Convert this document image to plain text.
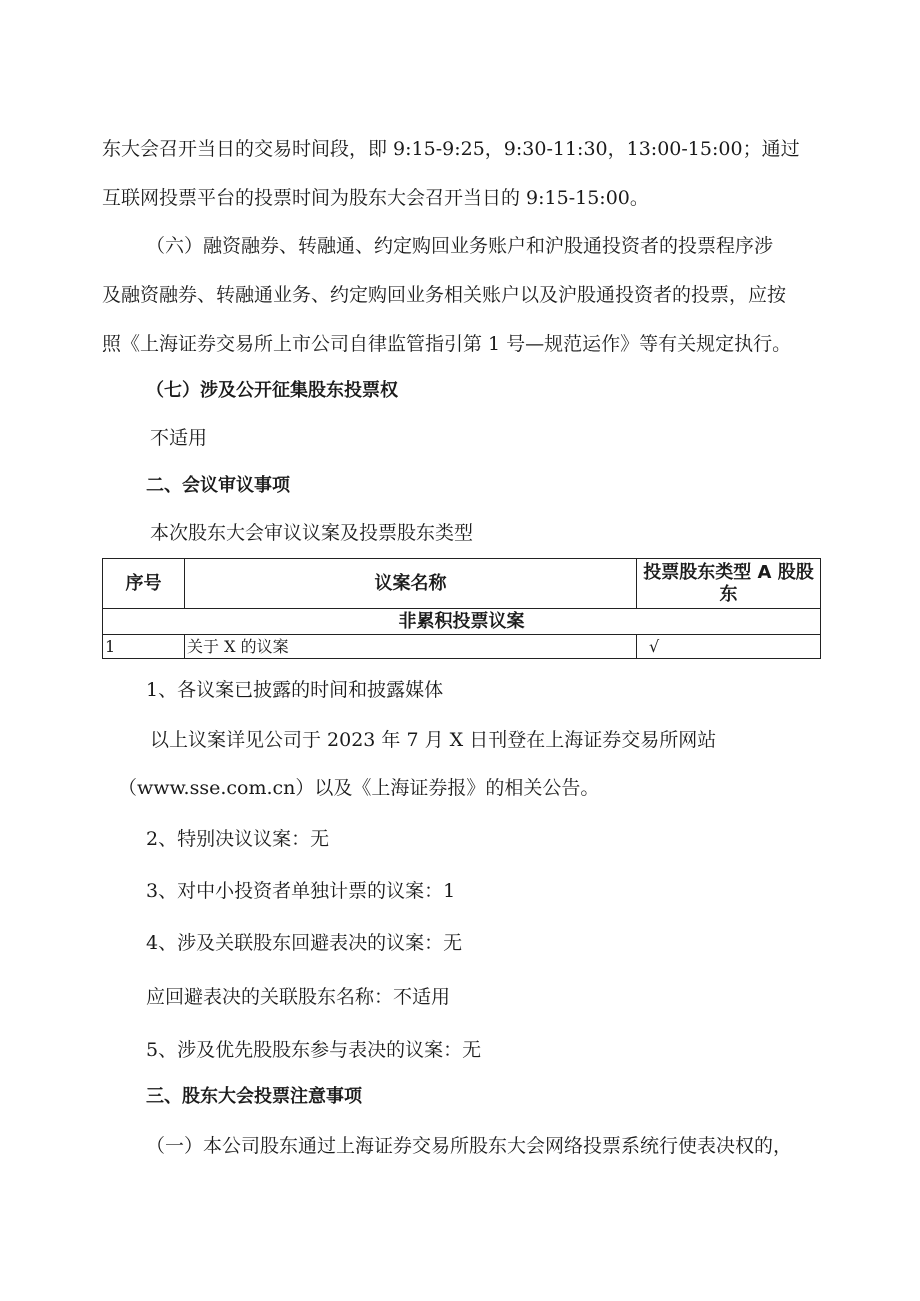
东大会召开当日的交易时间段，即 9:15-9:25，9:30-11:30，13:00-15:00；通过
互联网投票平台的投票时间为股东大会召开当日的 9:15-15:00。
（六）融资融券、转融通、约定购回业务账户和沪股通投资者的投票程序涉
及融资融券、转融通业务、约定购回业务相关账户以及沪股通投资者的投票，应按
照《上海证券交易所上市公司自律监管指引第 1 号—规范运作》等有关规定执行。
（七）涉及公开征集股东投票权
不适用
二、会议审议事项
本次股东大会审议议案及投票股东类型
序号	议案名称	投票股东类型 A 股股
东

非累积投票议案		
1	关于 X 的议案	√
1、各议案已披露的时间和披露媒体
以上议案详见公司于 2023 年 7 月 X 日刊登在上海证券交易所网站
（www.sse.com.cn）以及《上海证券报》的相关公告。
2、特别决议议案：无
3、对中小投资者单独计票的议案：1
4、涉及关联股东回避表决的议案：无
应回避表决的关联股东名称：不适用
5、涉及优先股股东参与表决的议案：无
三、股东大会投票注意事项
（一）本公司股东通过上海证券交易所股东大会网络投票系统行使表决权的，
